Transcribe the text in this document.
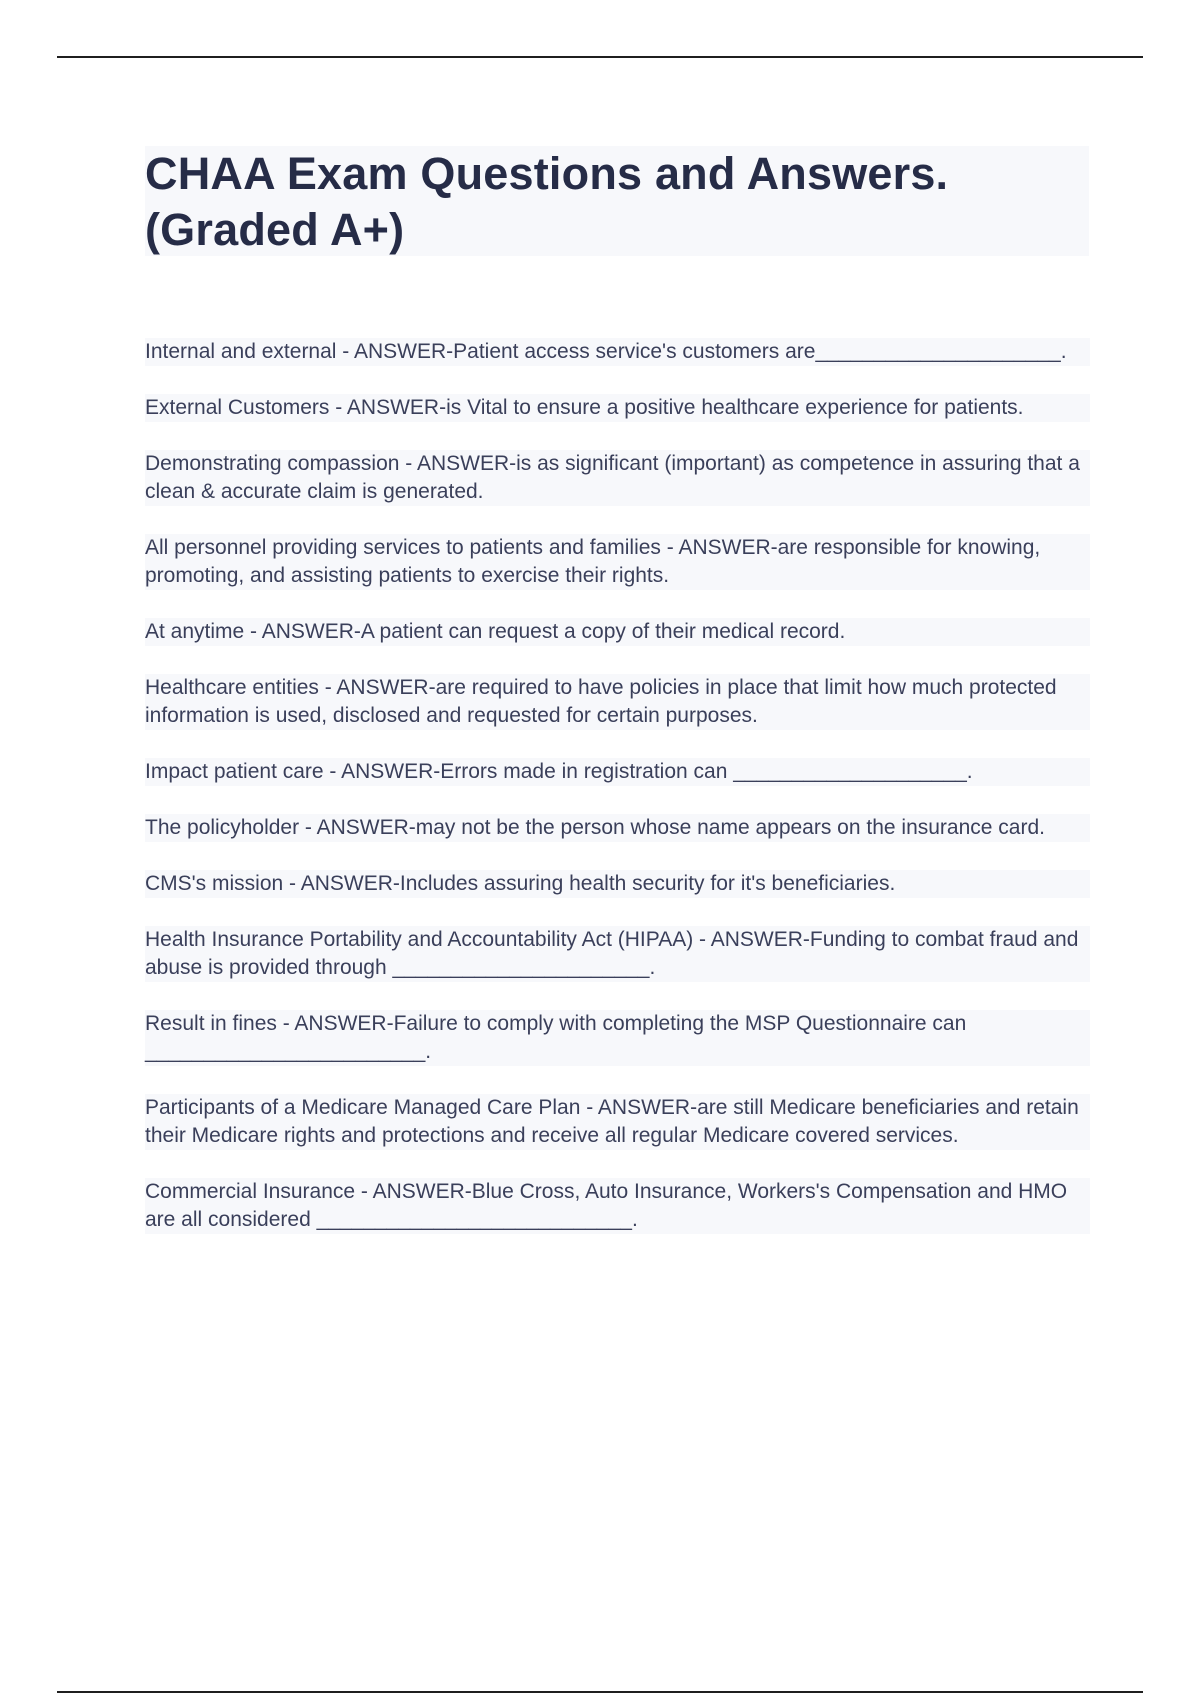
CHAA Exam Questions and Answers. (Graded A+)

Internal and external - ANSWER-Patient access service's customers are_____________________.

External Customers - ANSWER-is Vital to ensure a positive healthcare experience for patients.

Demonstrating compassion - ANSWER-is as significant (important) as competence in assuring that a clean & accurate claim is generated.

All personnel providing services to patients and families - ANSWER-are responsible for knowing, promoting, and assisting patients to exercise their rights.

At anytime - ANSWER-A patient can request a copy of their medical record.

Healthcare entities - ANSWER-are required to have policies in place that limit how much protected information is used, disclosed and requested for certain purposes.

Impact patient care - ANSWER-Errors made in registration can ____________________.

The policyholder - ANSWER-may not be the person whose name appears on the insurance card.

CMS's mission - ANSWER-Includes assuring health security for it's beneficiaries.

Health Insurance Portability and Accountability Act (HIPAA) - ANSWER-Funding to combat fraud and abuse is provided through ______________________.

Result in fines - ANSWER-Failure to comply with completing the MSP Questionnaire can ________________________.

Participants of a Medicare Managed Care Plan - ANSWER-are still Medicare beneficiaries and retain their Medicare rights and protections and receive all regular Medicare covered services.

Commercial Insurance - ANSWER-Blue Cross, Auto Insurance, Workers's Compensation and HMO are all considered ___________________________.
